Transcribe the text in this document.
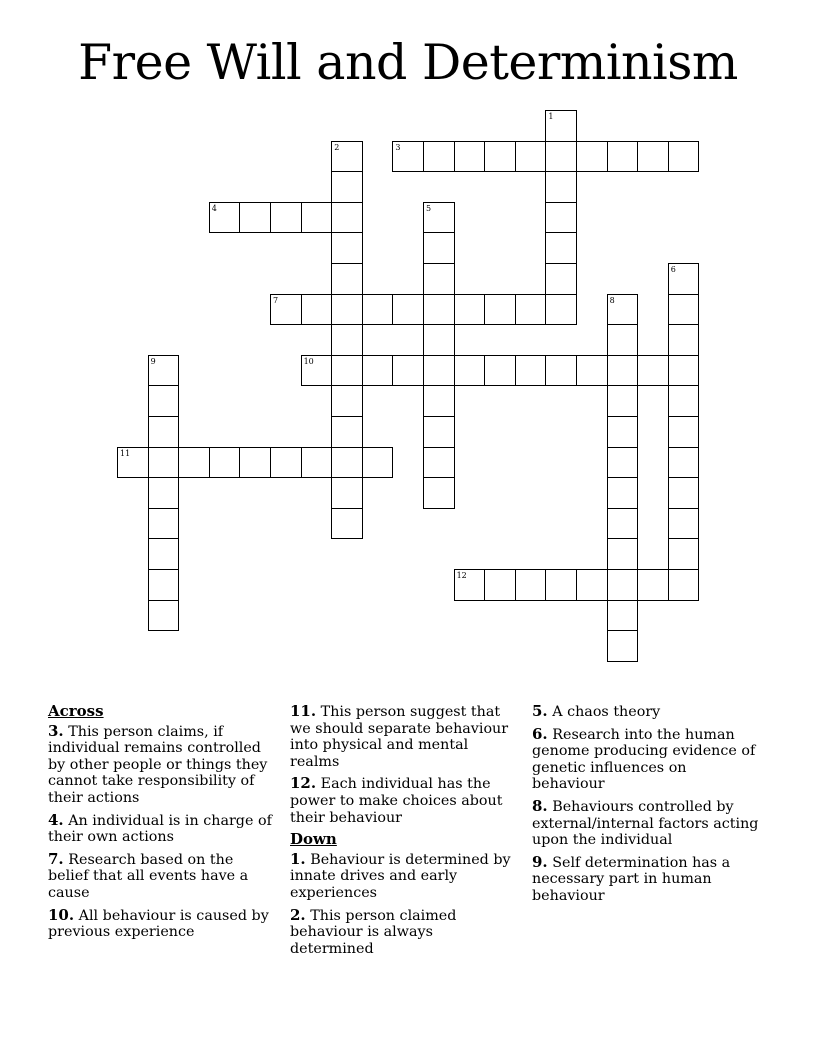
Free Will and Determinism
1
2	3
4	5
6
7	8
9	10
11
12
Across
3. This person claims, if individual remains controlled by other people or things they cannot take responsibility of their actions
4. An individual is in charge of their own actions
7. Research based on the belief that all events have a cause
10. All behaviour is caused by previous experience
11. This person suggest that we should separate behaviour into physical and mental realms
12. Each individual has the power to make choices about their behaviour
Down
1. Behaviour is determined by innate drives and early experiences
2. This person claimed behaviour is always determined
5. A chaos theory
6. Research into the human genome producing evidence of genetic influences on behaviour
8. Behaviours controlled by external/internal factors acting upon the individual
9. Self determination has a necessary part in human behaviour
